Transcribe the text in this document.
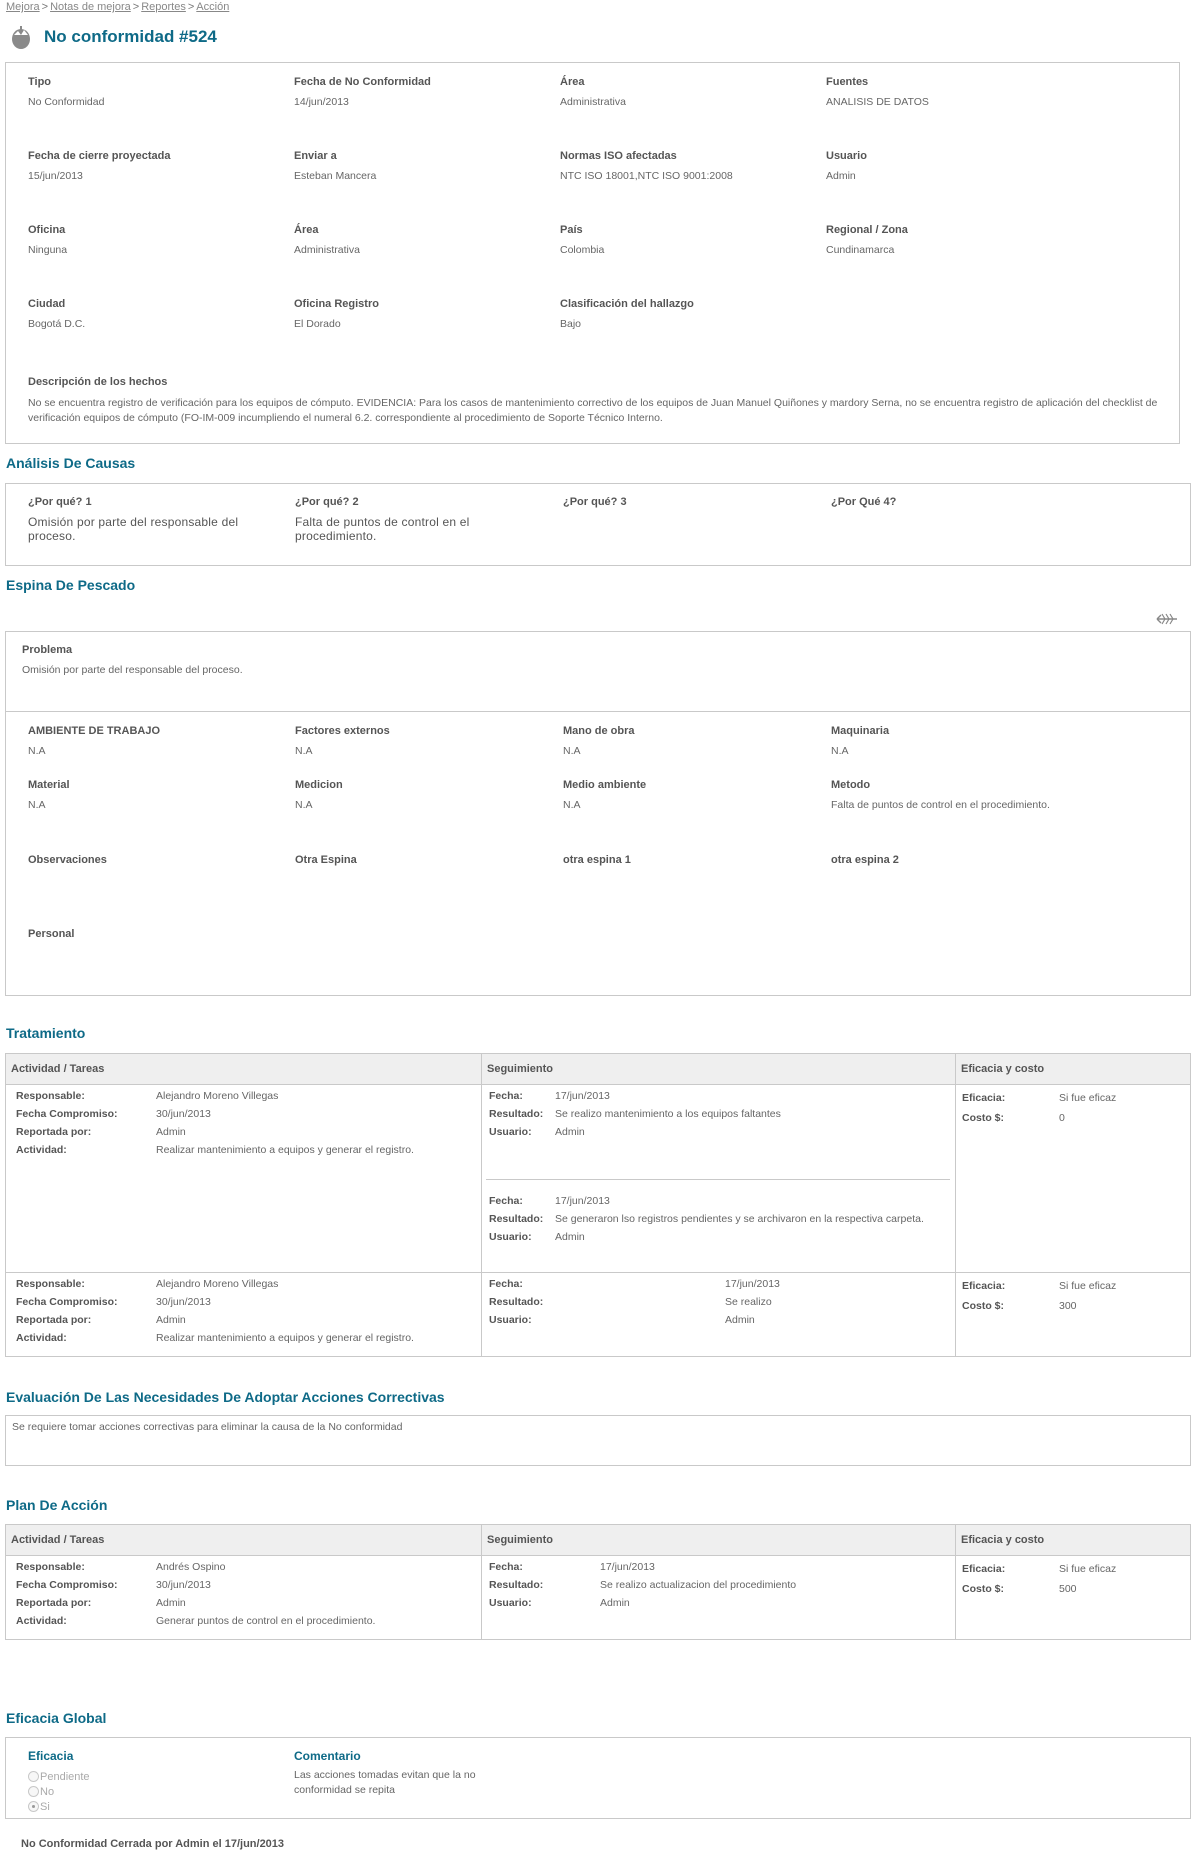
Mejora > Notas de mejora > Reportes > Acción
No conformidad #524
Tipo
No Conformidad
Fecha de No Conformidad
14/jun/2013
Área
Administrativa
Fuentes
ANALISIS DE DATOS
Fecha de cierre proyectada
15/jun/2013
Enviar a
Esteban Mancera
Normas ISO afectadas
NTC ISO 18001,NTC ISO 9001:2008
Usuario
Admin
Oficina
Ninguna
Área
Administrativa
País
Colombia
Regional / Zona
Cundinamarca
Ciudad
Bogotá D.C.
Oficina Registro
El Dorado
Clasificación del hallazgo
Bajo
Descripción de los hechos
No se encuentra registro de verificación para los equipos de cómputo. EVIDENCIA: Para los casos de mantenimiento correctivo de los equipos de Juan Manuel Quiñones y mardory Serna, no se encuentra registro de aplicación del checklist de verificación equipos de cómputo (FO-IM-009 incumpliendo el numeral 6.2. correspondiente al procedimiento de Soporte Técnico Interno.
Análisis De Causas
¿Por qué? 1
Omisión por parte del responsable del proceso.
¿Por qué? 2
Falta de puntos de control en el procedimiento.
¿Por qué? 3	¿Por Qué 4?
Espina De Pescado
Problema
Omisión por parte del responsable del proceso.
AMBIENTE DE TRABAJO
N.A
Factores externos
N.A
Mano de obra
N.A
Maquinaria
N.A
Material
N.A
Medicion
N.A
Medio ambiente
N.A
Metodo
Falta de puntos de control en el procedimiento.
Observaciones	Otra Espina	otra espina 1	otra espina 2
Personal
Tratamiento
Actividad / Tareas	Seguimiento	Eficacia y costo
Responsable:	Alejandro Moreno Villegas
Fecha Compromiso:	30/jun/2013
Reportada por:	Admin
Actividad:	Realizar mantenimiento a equipos y generar el registro.
Fecha:	17/jun/2013
Resultado: Se realizo mantenimiento a los equipos faltantes
Usuario: Admin
Fecha:	17/jun/2013
Resultado: Se generaron lso registros pendientes y se archivaron en la respectiva carpeta.
Usuario: Admin
Eficacia:	Si fue eficaz
Costo $:	0
Responsable:	Alejandro Moreno Villegas
Fecha Compromiso:	30/jun/2013
Reportada por:	Admin
Actividad:	Realizar mantenimiento a equipos y generar el registro.
Fecha:	17/jun/2013
Resultado:	Se realizo
Usuario:	Admin
Eficacia:	Si fue eficaz
Costo $:	300
Evaluación De Las Necesidades De Adoptar Acciones Correctivas
Se requiere tomar acciones correctivas para eliminar la causa de la No conformidad
Plan De Acción
Actividad / Tareas	Seguimiento	Eficacia y costo
Responsable:	Andrés Ospino
Fecha Compromiso:	30/jun/2013
Reportada por:	Admin
Actividad:	Generar puntos de control en el procedimiento.
Fecha:	17/jun/2013
Resultado:	Se realizo actualizacion del procedimiento
Usuario:	Admin
Eficacia:	Si fue eficaz
Costo $:	500
Eficacia Global
Eficacia
Pendiente
No
Si
Comentario
Las acciones tomadas evitan que la no conformidad se repita
No Conformidad Cerrada por Admin el 17/jun/2013
